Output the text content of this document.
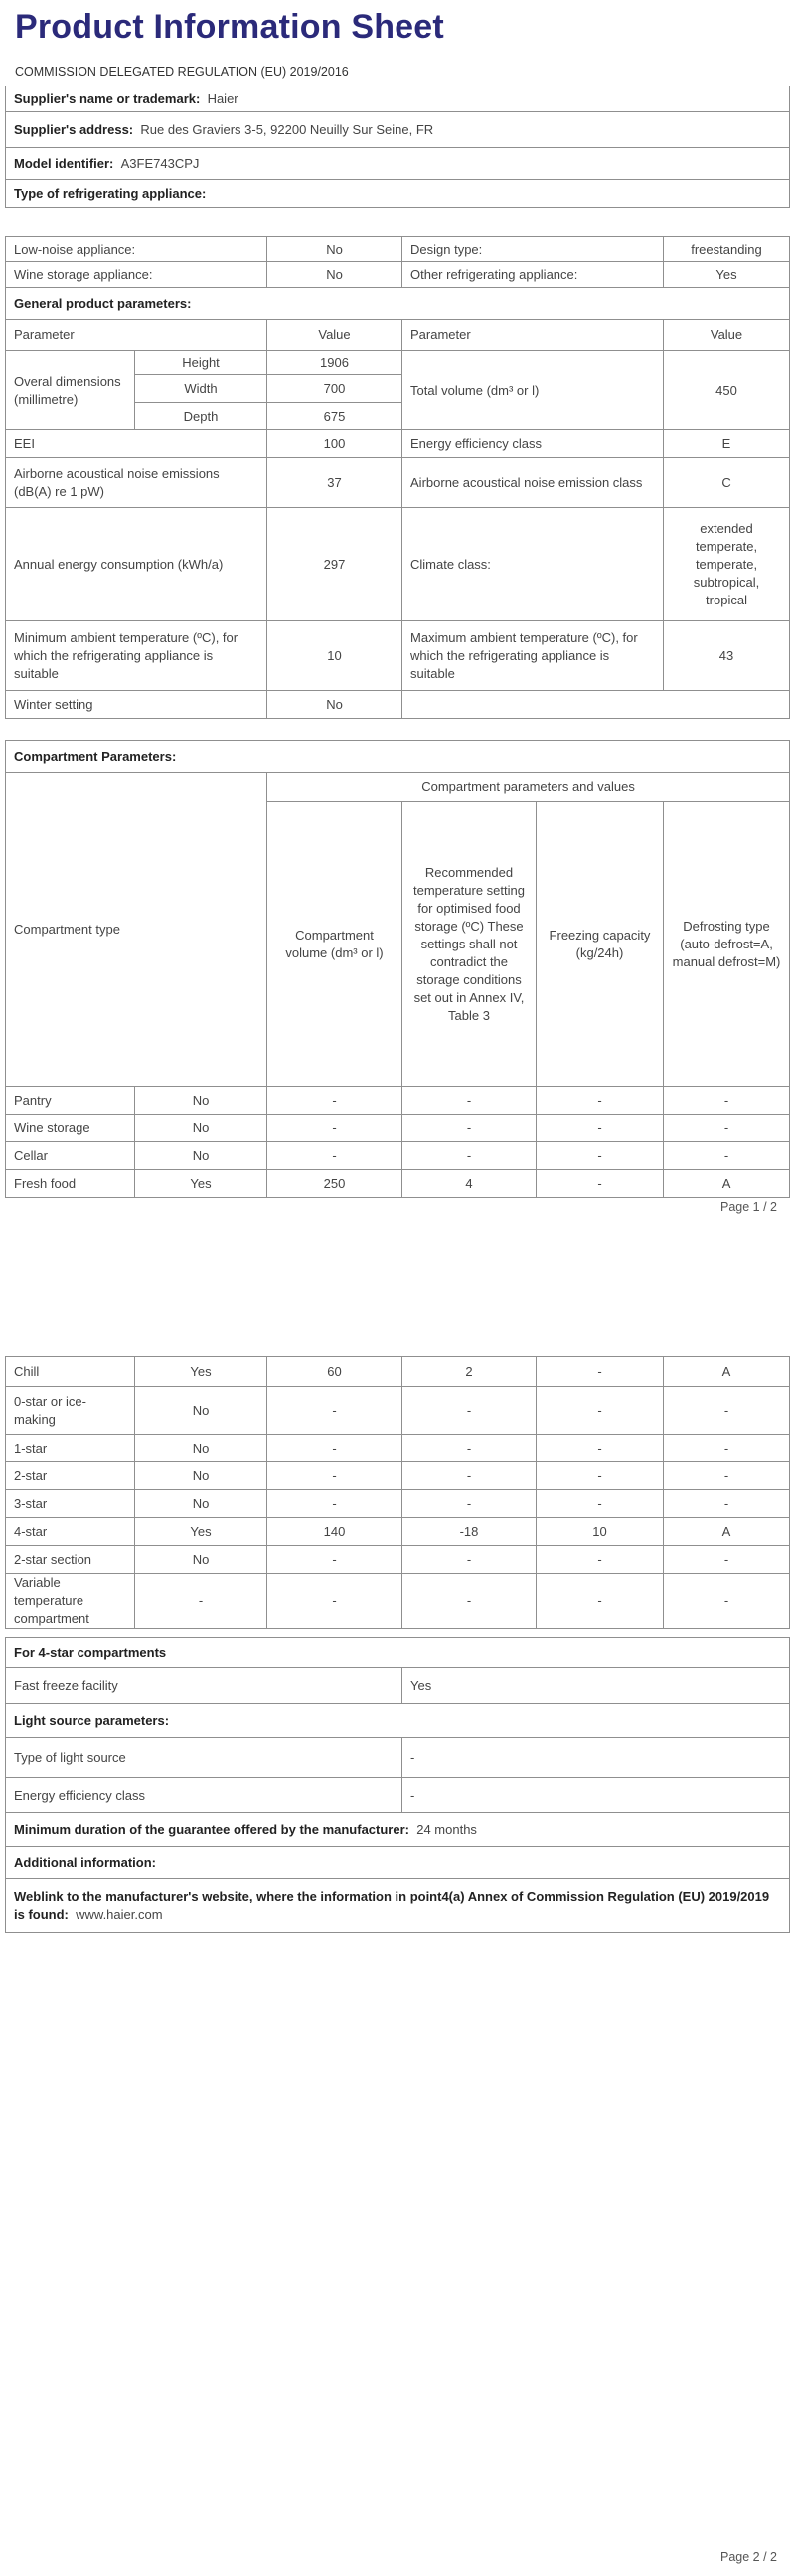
Product Information Sheet

COMMISSION DELEGATED REGULATION (EU) 2019/2016

Supplier's name or trademark: Haier
Supplier's address: Rue des Graviers 3-5, 92200 Neuilly Sur Seine, FR
Model identifier: A3FE743CPJ
Type of refrigerating appliance:
Low-noise appliance:	No	Design type:	freestanding
Wine storage appliance:	No	Other refrigerating appliance:	Yes
General product parameters:
Parameter		Value	Parameter	Value
Overal dimensions (millimetre)	Height	1906	Total volume (dm³ or l)	450
	Width	700		
	Depth	675		
EEI		100	Energy efficiency class	E
Airborne acoustical noise emissions (dB(A) re 1 pW)		37	Airborne acoustical noise emission class	C
Annual energy consumption (kWh/a)		297	Climate class:	extended temperate, temperate, subtropical, tropical
Minimum ambient temperature (ºC), for which the refrigerating appliance is suitable		10	Maximum ambient temperature (ºC), for which the refrigerating appliance is suitable	43
Winter setting		No		
Compartment Parameters:
Compartment type		Compartment parameters and values			
		Compartment volume (dm³ or l)	Recommended temperature setting for optimised food storage (ºC) These settings shall not contradict the storage conditions set out in Annex IV, Table 3	Freezing capacity (kg/24h)	Defrosting type (auto-defrost=A, manual defrost=M)
Pantry	No	-	-	-	-
Wine storage	No	-	-	-	-
Cellar	No	-	-	-	-
Fresh food	Yes	250	4	-	A
Page 1 / 2
Chill	Yes	60	2	-	A
0-star or ice-making	No	-	-	-	-
1-star	No	-	-	-	-
2-star	No	-	-	-	-
3-star	No	-	-	-	-
4-star	Yes	140	-18	10	A
2-star section	No	-	-	-	-
Variable temperature compartment	-	-	-	-	-
For 4-star compartments	
Fast freeze facility	Yes
Light source parameters:	
Type of light source	-
Energy efficiency class	-
Minimum duration of the guarantee offered by the manufacturer: 24 months	
Additional information:	
Weblink to the manufacturer's website, where the information in point4(a) Annex of Commission Regulation (EU) 2019/2019 is found: www.haier.com	
Page 2 / 2
